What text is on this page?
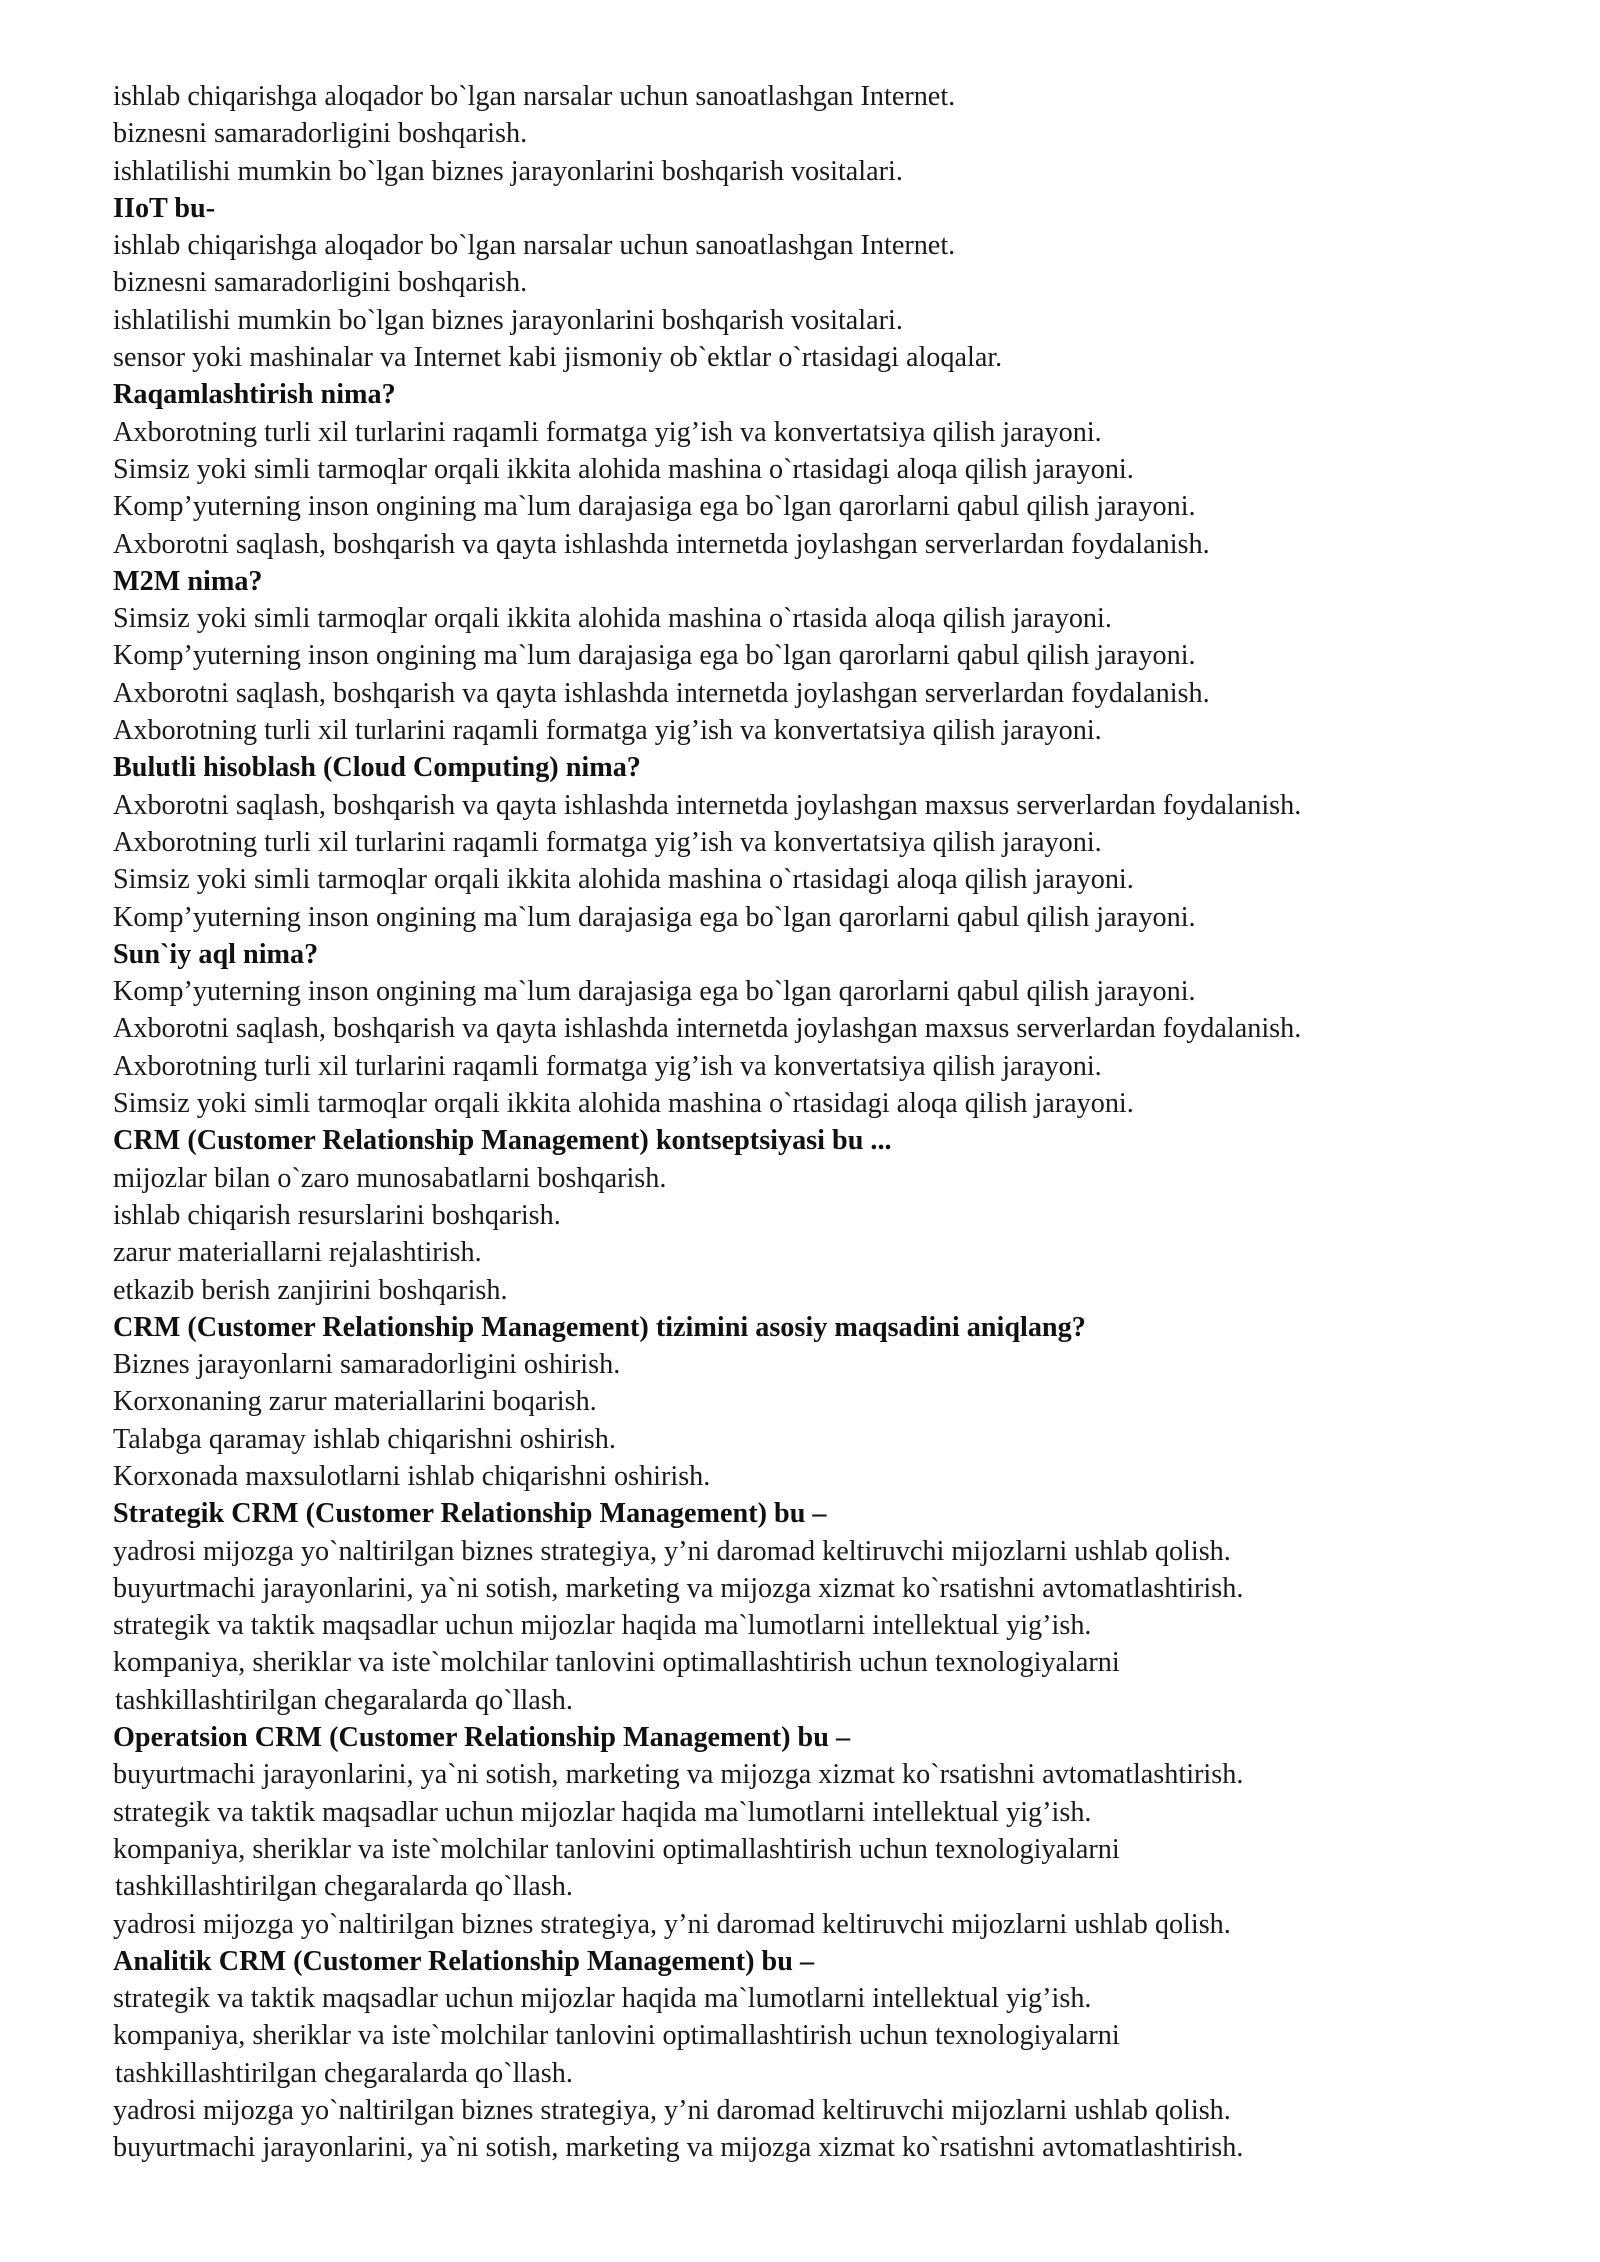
ishlab chiqarishga aloqador bo`lgan narsalar uchun sanoatlashgan Internet.
biznesni samaradorligini boshqarish.
ishlatilishi mumkin bo`lgan biznes jarayonlarini boshqarish vositalari.
IIoT bu-
ishlab chiqarishga aloqador bo`lgan narsalar uchun sanoatlashgan Internet.
biznesni samaradorligini boshqarish.
ishlatilishi mumkin bo`lgan biznes jarayonlarini boshqarish vositalari.
sensor yoki mashinalar va Internet kabi jismoniy ob`ektlar o`rtasidagi aloqalar.
Raqamlashtirish nima?
Axborotning turli xil turlarini raqamli formatga yig’ish va konvertatsiya qilish jarayoni.
Simsiz yoki simli tarmoqlar orqali ikkita alohida mashina o`rtasidagi aloqa qilish jarayoni.
Komp’yuterning inson ongining ma`lum darajasiga ega bo`lgan qarorlarni qabul qilish jarayoni.
Axborotni saqlash, boshqarish va qayta ishlashda internetda joylashgan serverlardan foydalanish.
M2M nima?
Simsiz yoki simli tarmoqlar orqali ikkita alohida mashina o`rtasida aloqa qilish jarayoni.
Komp’yuterning inson ongining ma`lum darajasiga ega bo`lgan qarorlarni qabul qilish jarayoni.
Axborotni saqlash, boshqarish va qayta ishlashda internetda joylashgan serverlardan foydalanish.
Axborotning turli xil turlarini raqamli formatga yig’ish va konvertatsiya qilish jarayoni.
Bulutli hisoblash (Cloud Computing) nima?
Axborotni saqlash, boshqarish va qayta ishlashda internetda joylashgan maxsus serverlardan foydalanish.
Axborotning turli xil turlarini raqamli formatga yig’ish va konvertatsiya qilish jarayoni.
Simsiz yoki simli tarmoqlar orqali ikkita alohida mashina o`rtasidagi aloqa qilish jarayoni.
Komp’yuterning inson ongining ma`lum darajasiga ega bo`lgan qarorlarni qabul qilish jarayoni.
Sun`iy aql nima?
Komp’yuterning inson ongining ma`lum darajasiga ega bo`lgan qarorlarni qabul qilish jarayoni.
Axborotni saqlash, boshqarish va qayta ishlashda internetda joylashgan maxsus serverlardan foydalanish.
Axborotning turli xil turlarini raqamli formatga yig’ish va konvertatsiya qilish jarayoni.
Simsiz yoki simli tarmoqlar orqali ikkita alohida mashina o`rtasidagi aloqa qilish jarayoni.
CRM (Customer Relationship Management) kontseptsiyasi bu ...
mijozlar bilan o`zaro munosabatlarni boshqarish.
ishlab chiqarish resurslarini boshqarish.
zarur materiallarni rejalashtirish.
etkazib berish zanjirini boshqarish.
CRM (Customer Relationship Management) tizimini asosiy maqsadini aniqlang?
Biznes jarayonlarni samaradorligini oshirish.
Korxonaning zarur materiallarini boqarish.
Talabga qaramay ishlab chiqarishni oshirish.
Korxonada maxsulotlarni ishlab chiqarishni oshirish.
Strategik CRM (Customer Relationship Management) bu –
yadrosi mijozga yo`naltirilgan biznes strategiya, y’ni daromad keltiruvchi mijozlarni ushlab qolish.
buyurtmachi jarayonlarini, ya`ni sotish, marketing va mijozga xizmat ko`rsatishni avtomatlashtirish.
strategik va taktik maqsadlar uchun mijozlar haqida ma`lumotlarni intellektual yig’ish.
kompaniya, sheriklar va iste`molchilar tanlovini optimallashtirish uchun texnologiyalarni
tashkillashtirilgan chegaralarda qo`llash.
Operatsion CRM (Customer Relationship Management) bu –
buyurtmachi jarayonlarini, ya`ni sotish, marketing va mijozga xizmat ko`rsatishni avtomatlashtirish.
strategik va taktik maqsadlar uchun mijozlar haqida ma`lumotlarni intellektual yig’ish.
kompaniya, sheriklar va iste`molchilar tanlovini optimallashtirish uchun texnologiyalarni
tashkillashtirilgan chegaralarda qo`llash.
yadrosi mijozga yo`naltirilgan biznes strategiya, y’ni daromad keltiruvchi mijozlarni ushlab qolish.
Analitik CRM (Customer Relationship Management) bu –
strategik va taktik maqsadlar uchun mijozlar haqida ma`lumotlarni intellektual yig’ish.
kompaniya, sheriklar va iste`molchilar tanlovini optimallashtirish uchun texnologiyalarni
tashkillashtirilgan chegaralarda qo`llash.
yadrosi mijozga yo`naltirilgan biznes strategiya, y’ni daromad keltiruvchi mijozlarni ushlab qolish.
buyurtmachi jarayonlarini, ya`ni sotish, marketing va mijozga xizmat ko`rsatishni avtomatlashtirish.
